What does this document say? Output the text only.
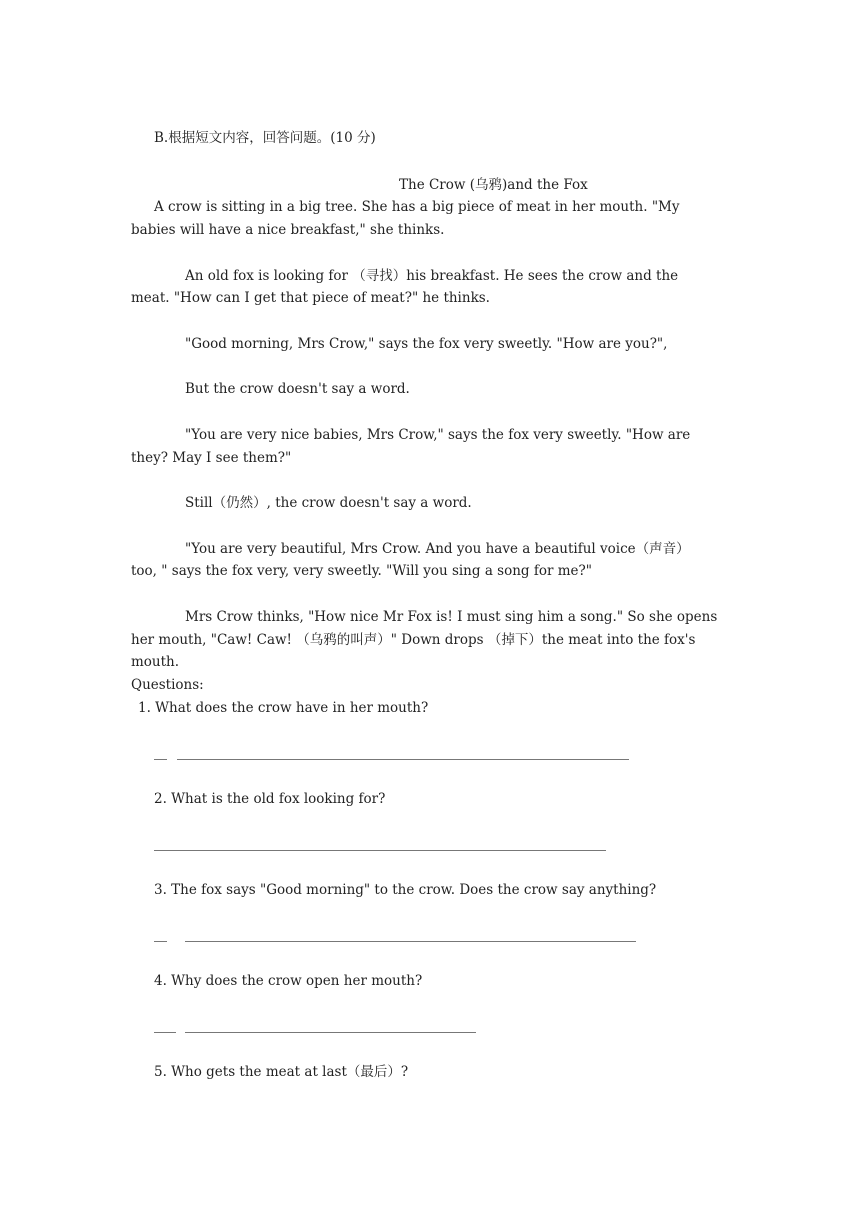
B.根据短文内容，回答问题。(10 分)
The Crow (乌鸦)and the Fox
A crow is sitting in a big tree. She has a big piece of meat in her mouth. "My
babies will have a nice breakfast," she thinks.
An old fox is looking for （寻找）his breakfast. He sees the crow and the
meat. "How can I get that piece of meat?" he thinks.
"Good morning, Mrs Crow," says the fox very sweetly. "How are you?",
But the crow doesn't say a word.
"You are very nice babies, Mrs Crow," says the fox very sweetly. "How are
they? May I see them?"
Still（仍然）, the crow doesn't say a word.
"You are very beautiful, Mrs Crow. And you have a beautiful voice（声音）
too, " says the fox very, very sweetly. "Will you sing a song for me?"
Mrs Crow thinks, "How nice Mr Fox is! I must sing him a song." So she opens
her mouth, "Caw! Caw! （乌鸦的叫声）" Down drops （掉下）the meat into the fox's
mouth.
Questions:
1. What does the crow have in her mouth?
2. What is the old fox looking for?
3. The fox says "Good morning" to the crow. Does the crow say anything?
4. Why does the crow open her mouth?
5. Who gets the meat at last（最后）?
